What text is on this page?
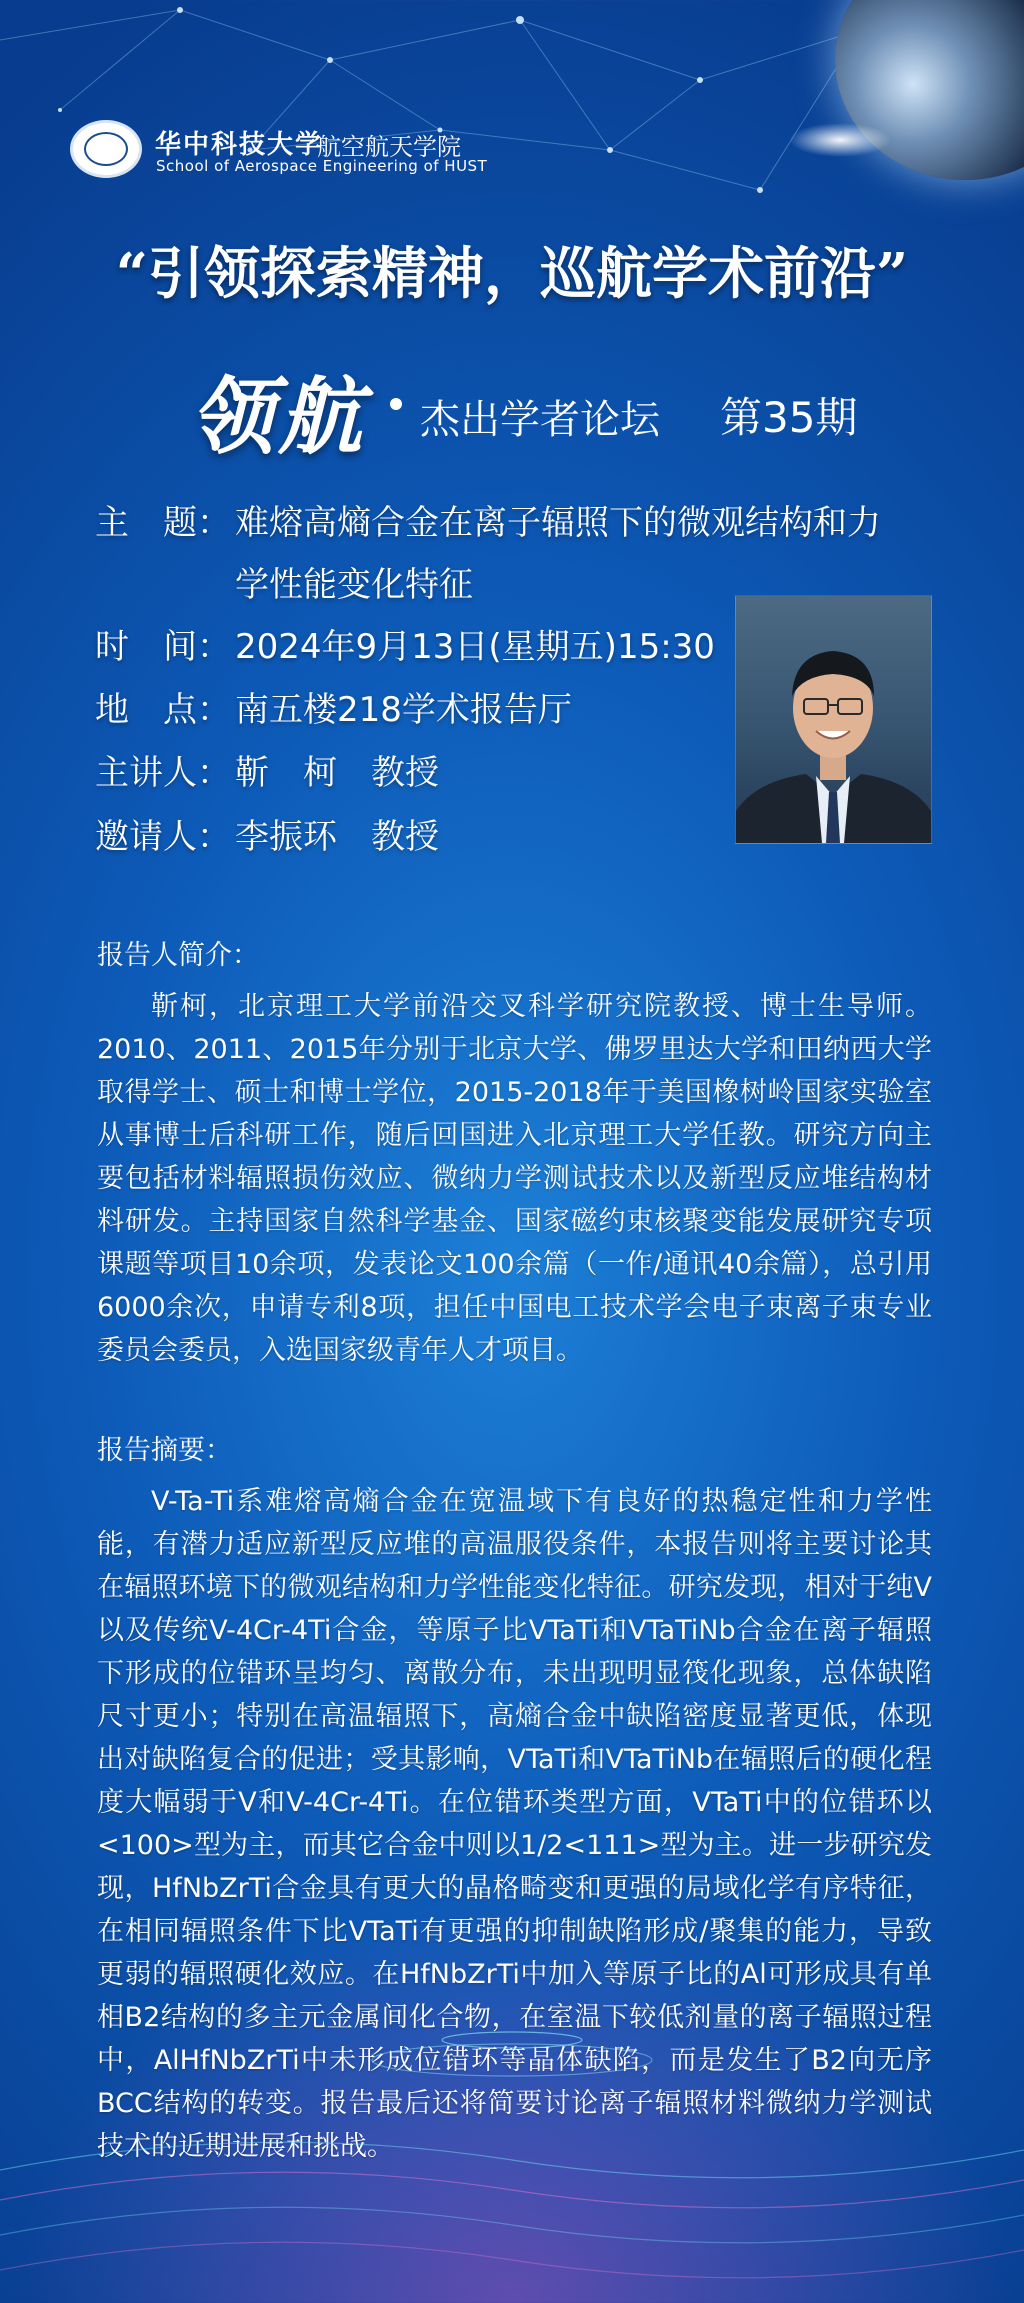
华中科技大学
航空航天学院
School of Aerospace Engineering of HUST
“引领探索精神，巡航学术前沿”
领航 杰出学者论坛 第35期
主　题： 难熔高熵合金在离子辐照下的微观结构和力
学性能变化特征
时　间： 2024年9月13日(星期五)15:30
地　点： 南五楼218学术报告厅
主讲人： 靳　柯　教授
邀请人： 李振环　教授
报告人简介：
靳柯，北京理工大学前沿交叉科学研究院教授、博士生导师。2010、2011、2015年分别于北京大学、佛罗里达大学和田纳西大学取得学士、硕士和博士学位，2015-2018年于美国橡树岭国家实验室从事博士后科研工作，随后回国进入北京理工大学任教。研究方向主要包括材料辐照损伤效应、微纳力学测试技术以及新型反应堆结构材料研发。主持国家自然科学基金、国家磁约束核聚变能发展研究专项课题等项目10余项，发表论文100余篇（一作/通讯40余篇），总引用6000余次，申请专利8项，担任中国电工技术学会电子束离子束专业委员会委员，入选国家级青年人才项目。
报告摘要：
V-Ta-Ti系难熔高熵合金在宽温域下有良好的热稳定性和力学性能，有潜力适应新型反应堆的高温服役条件，本报告则将主要讨论其在辐照环境下的微观结构和力学性能变化特征。研究发现，相对于纯V以及传统V-4Cr-4Ti合金，等原子比VTaTi和VTaTiNb合金在离子辐照下形成的位错环呈均匀、离散分布，未出现明显筏化现象，总体缺陷尺寸更小；特别在高温辐照下，高熵合金中缺陷密度显著更低，体现出对缺陷复合的促进；受其影响，VTaTi和VTaTiNb在辐照后的硬化程度大幅弱于V和V-4Cr-4Ti。在位错环类型方面，VTaTi中的位错环以<100>型为主，而其它合金中则以1/2<111>型为主。进一步研究发现，HfNbZrTi合金具有更大的晶格畸变和更强的局域化学有序特征，在相同辐照条件下比VTaTi有更强的抑制缺陷形成/聚集的能力，导致更弱的辐照硬化效应。在HfNbZrTi中加入等原子比的Al可形成具有单相B2结构的多主元金属间化合物，在室温下较低剂量的离子辐照过程中，AlHfNbZrTi中未形成位错环等晶体缺陷，而是发生了B2向无序BCC结构的转变。报告最后还将简要讨论离子辐照材料微纳力学测试技术的近期进展和挑战。
